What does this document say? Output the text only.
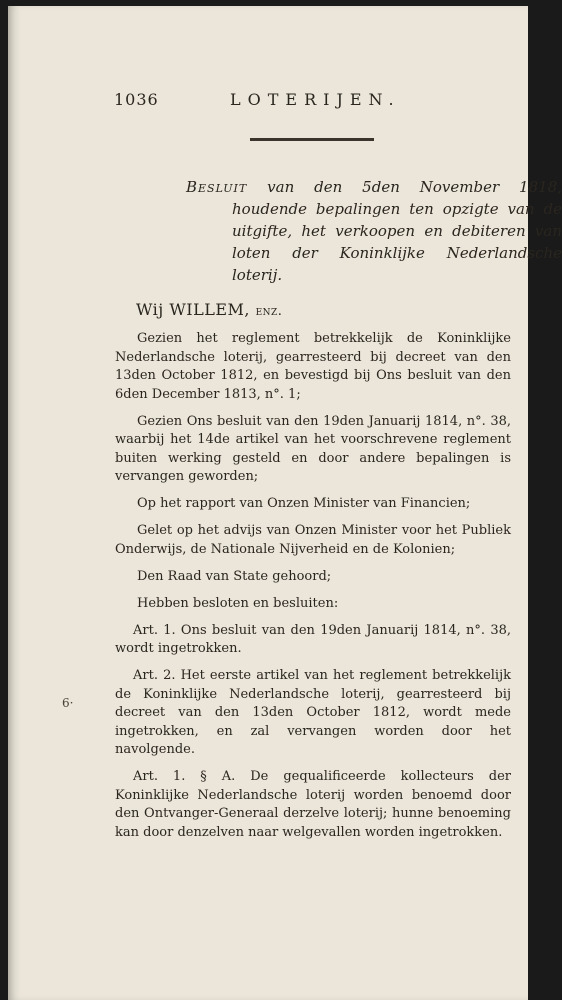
1036	LOTERIJEN.
Besluit van den 5den November 1818, houdende bepalingen ten opzigte van de uitgifte, het verkoopen en debiteren van loten der Koninklijke Nederlandsche loterij.
Wij WILLEM, enz.

Gezien het reglement betrekkelijk de Koninklijke Nederlandsche loterij, gearresteerd bij decreet van den 13den October 1812, en bevestigd bij Ons besluit van den 6den December 1813, n°. 1;

Gezien Ons besluit van den 19den Januarij 1814, n°. 38, waarbij het 14de artikel van het voorschrevene reglement buiten werking gesteld en door andere bepalingen is vervangen geworden;

Op het rapport van Onzen Minister van Financien;

Gelet op het advijs van Onzen Minister voor het Publiek Onderwijs, de Nationale Nijverheid en de Kolonien;

Den Raad van State gehoord;

Hebben besloten en besluiten:

Art. 1. Ons besluit van den 19den Januarij 1814, n°. 38, wordt ingetrokken.

Art. 2. Het eerste artikel van het reglement betrekkelijk de Koninklijke Nederlandsche loterij, gearresteerd bij decreet van den 13den October 1812, wordt mede ingetrokken, en zal vervangen worden door het navolgende.

Art. 1. § A. De gequalificeerde kollecteurs der Koninklijke Nederlandsche loterij worden benoemd door den Ontvanger-Generaal derzelve loterij; hunne benoeming kan door denzelven naar welgevallen worden ingetrokken.

6·
